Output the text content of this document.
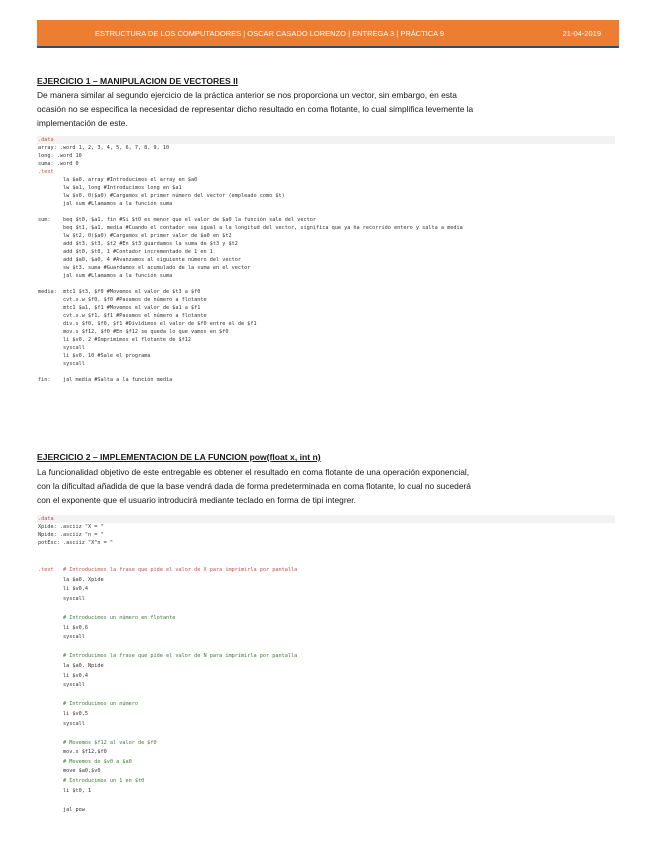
ESTRUCTURA DE LOS COMPUTADORES | OSCAR CASADO LORENZO | ENTREGA 3 | PRÁCTICA 9	21-04-2019
EJERCICIO 1 – MANIPULACION DE VECTORES II
De manera similar al segundo ejercicio de la práctica anterior se nos proporciona un vector, sin embargo, en esta
ocasión no se especifica la necesidad de representar dicho resultado en coma flotante, lo cual simplifica levemente la
implementación de este.
.data
array: .word 1, 2, 3, 4, 5, 6, 7, 8, 9, 10
long: .word 10
suma: .word 0
.text
la $a0, array #Introducimos el array en $a0
lw $a1, long #Introducimos long en $a1
lw $s0, 0($a0) #Cargamos el primer número del vector (empleado como $t)
jal sum #Llamamos a la función suma

sum:    beq $t0, $a1, fin #Si $t0 es menor que el valor de $a0 la función sale del vector
beq $t1, $a1, media #Cuando el contador sea igual a la longitud del vector, significa que ya ha recorrido entero y salta a media
lw $t2, 0($a0) #Cargamos el primer valor de $a0 en $t2
add $t3, $t3, $t2 #En $t3 guardamos la suma de $t3 y $t2
add $t0, $t0, 1 #Contador incrementado de 1 en 1
add $a0, $a0, 4 #Avanzamos al siguiente número del vector
sw $t3, suma #Guardamos el acumulado de la suma en el vector
jal sum #Llamamos a la función suma

media:  mtc1 $t3, $f0 #Movemos el valor de $t3 a $f0
cvt.s.w $f0, $f0 #Pasamos de número a flotante
mtc1 $a1, $f1 #Movemos el valor de $a1 a $f1
cvt.s.w $f1, $f1 #Pasamos el número a flotante
div.s $f0, $f0, $f1 #Dividimos el valor de $f0 entre el de $f1
mov.s $f12, $f0 #En $f12 se queda lo que vamos en $f0
li $v0, 2 #Imprimimos el flotante de $f12
syscall
li $v0, 10 #Sale el programa
syscall

fin:    jal media #Salta a la función media
EJERCICIO 2 – IMPLEMENTACION DE LA FUNCION pow(float x, int n)
La funcionalidad objetivo de este entregable es obtener el resultado en coma flotante de una operación exponencial,
con la dificultad añadida de que la base vendrá dada de forma predeterminada en coma flotante, lo cual no sucederá
con el exponente que el usuario introducirá mediante teclado en forma de tipi integrer.
.data
Xpide: .asciiz "X = "
Npide: .asciiz "n = "
potEsc: .asciiz "X^n = "
.text   # Introducimos la frase que pide el valor de X para imprimirla por pantalla
la $a0, Xpide
li $v0,4
syscall

# Introducimos un número en flotante
li $v0,6
syscall

# Introducimos la frase que pide el valor de N para imprimirla por pantalla
la $a0, Npide
li $v0,4
syscall

# Introducimos un número
li $v0,5
syscall

# Movemos $f12 al valor de $f0
mov.s $f12,$f0
# Movemos de $v0 a $a0
move $a0,$v0
# Introducimos un 1 en $t0
li $t0, 1

jal pow
